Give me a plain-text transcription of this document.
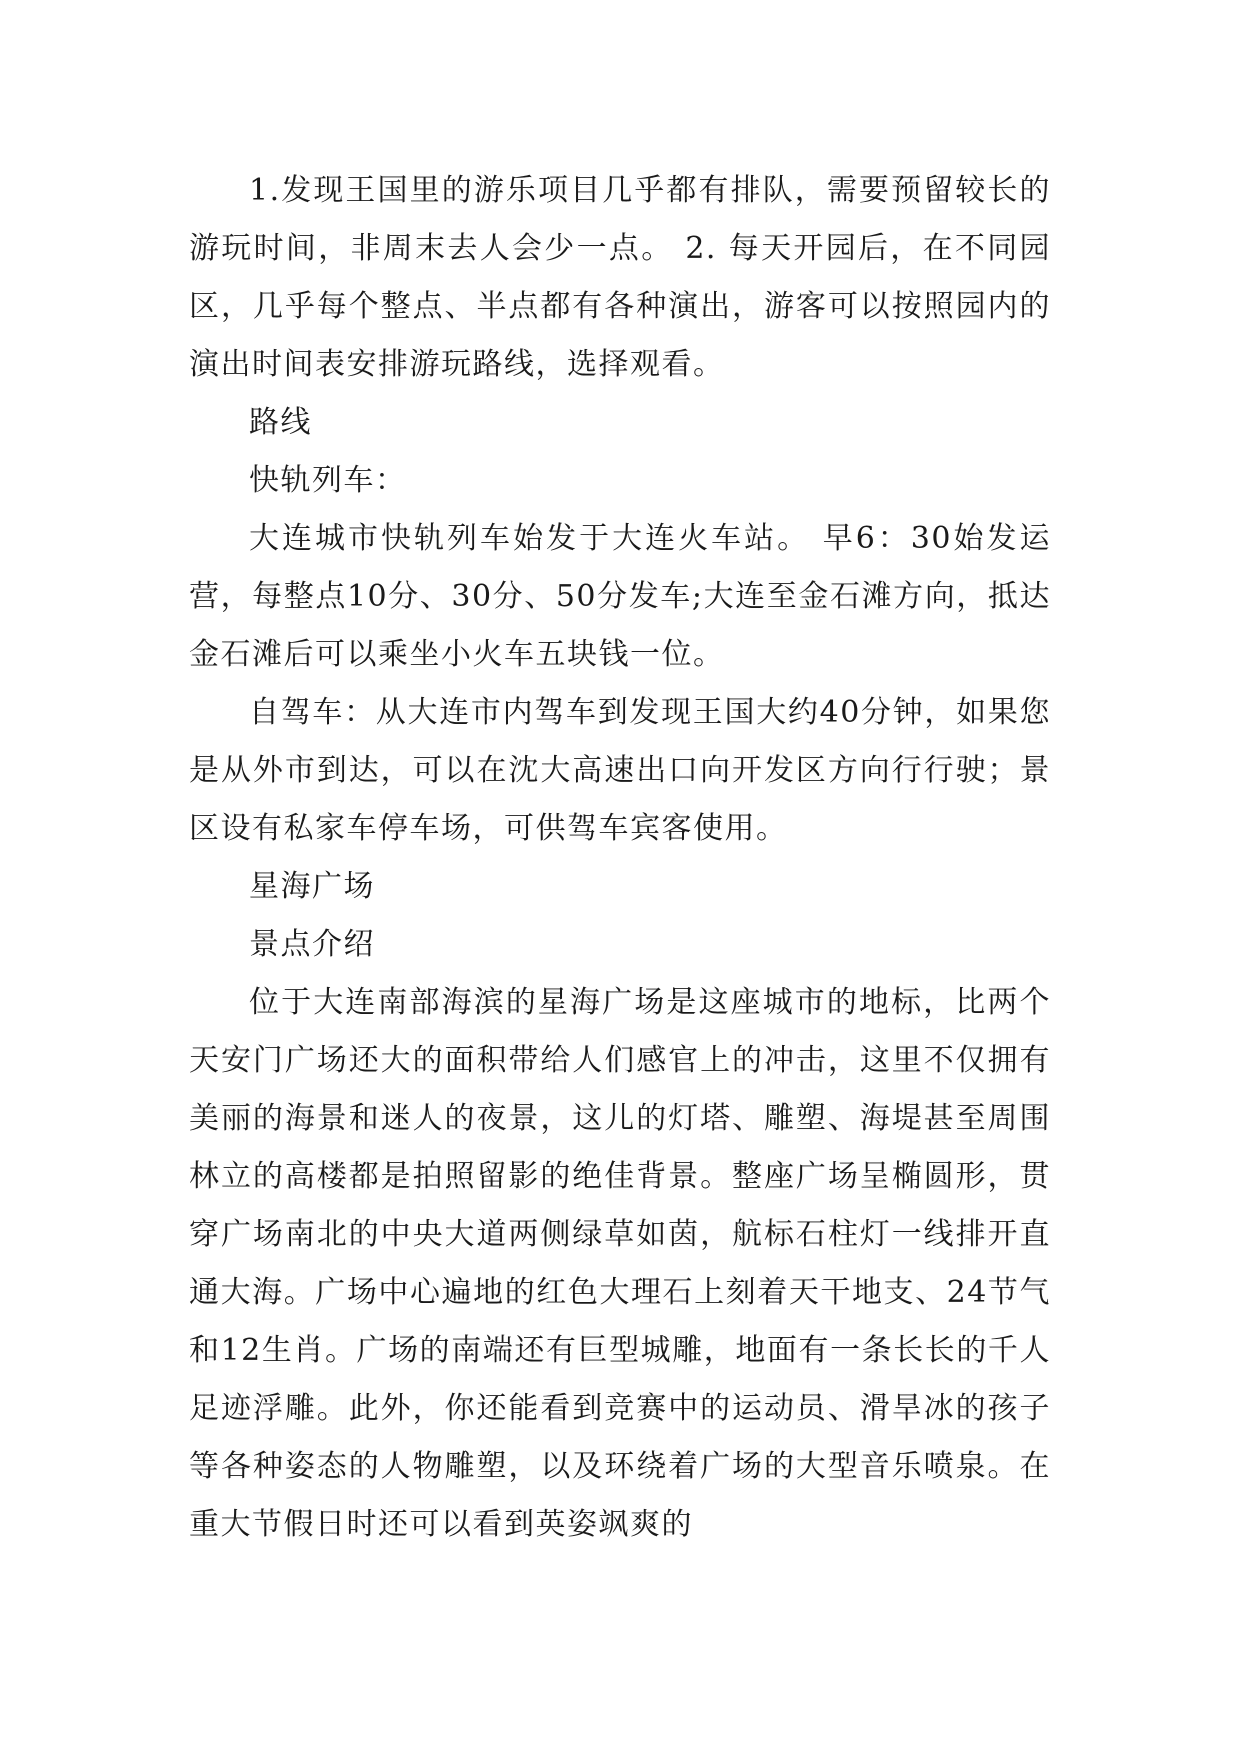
1.发现王国里的游乐项目几乎都有排队，需要预留较长的游玩时间，非周末去人会少一点。 2. 每天开园后，在不同园区，几乎每个整点、半点都有各种演出，游客可以按照园内的演出时间表安排游玩路线，选择观看。

路线

快轨列车：

大连城市快轨列车始发于大连火车站。 早6：30始发运营，每整点10分、30分、50分发车;大连至金石滩方向，抵达金石滩后可以乘坐小火车五块钱一位。

自驾车：从大连市内驾车到发现王国大约40分钟，如果您是从外市到达，可以在沈大高速出口向开发区方向行行驶；景区设有私家车停车场，可供驾车宾客使用。

星海广场

景点介绍

位于大连南部海滨的星海广场是这座城市的地标，比两个天安门广场还大的面积带给人们感官上的冲击，这里不仅拥有美丽的海景和迷人的夜景，这儿的灯塔、雕塑、海堤甚至周围林立的高楼都是拍照留影的绝佳背景。整座广场呈椭圆形，贯穿广场南北的中央大道两侧绿草如茵，航标石柱灯一线排开直通大海。广场中心遍地的红色大理石上刻着天干地支、24节气和12生肖。广场的南端还有巨型城雕，地面有一条长长的千人足迹浮雕。此外，你还能看到竞赛中的运动员、滑旱冰的孩子等各种姿态的人物雕塑，以及环绕着广场的大型音乐喷泉。在重大节假日时还可以看到英姿飒爽的
